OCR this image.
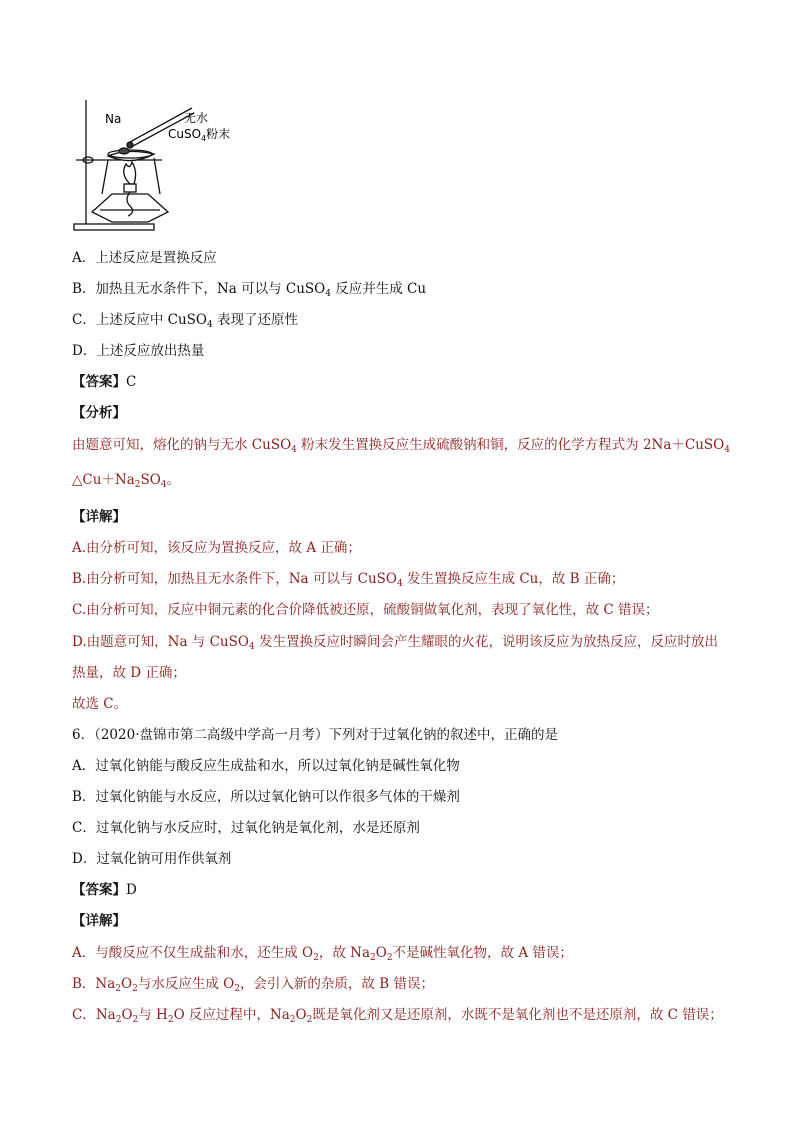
Na	无水
CuSO$_4$粉末
A．上述反应是置换反应
B．加热且无水条件下，Na 可以与 CuSO$_4$ 反应并生成 Cu
C．上述反应中 CuSO$_4$ 表现了还原性
D．上述反应放出热量
【答案】C
【分析】
由题意可知，熔化的钠与无水 CuSO$_4$ 粉末发生置换反应生成硫酸钠和铜，反应的化学方程式为 2Na＋CuSO$_4$
$\triangle Cu+Na_2SO_4$。
【详解】
A.由分析可知，该反应为置换反应，故 A 正确；
B.由分析可知，加热且无水条件下，Na 可以与 CuSO$_4$ 发生置换反应生成 Cu，故 B 正确；
C.由分析可知，反应中铜元素的化合价降低被还原，硫酸铜做氧化剂，表现了氧化性，故 C 错误；
D.由题意可知，Na 与 CuSO$_4$ 发生置换反应时瞬间会产生耀眼的火花，说明该反应为放热反应，反应时放出
热量，故 D 正确；
故选 C。
6．（2020·盘锦市第二高级中学高一月考）下列对于过氧化钠的叙述中，正确的是
A．过氧化钠能与酸反应生成盐和水，所以过氧化钠是碱性氧化物
B．过氧化钠能与水反应，所以过氧化钠可以作很多气体的干燥剂
C．过氧化钠与水反应时，过氧化钠是氧化剂，水是还原剂
D．过氧化钠可用作供氧剂
【答案】D
【详解】
A．与酸反应不仅生成盐和水，还生成 $O_2$，故 $Na_2O_2$不是碱性氧化物，故 A 错误；
B．$Na_2O_2$与水反应生成 $O_2$，会引入新的杂质，故 B 错误；
C．$Na_2O_2$与 $H_2O$ 反应过程中，$Na_2O_2$既是氧化剂又是还原剂，水既不是氧化剂也不是还原剂，故 C 错误；
